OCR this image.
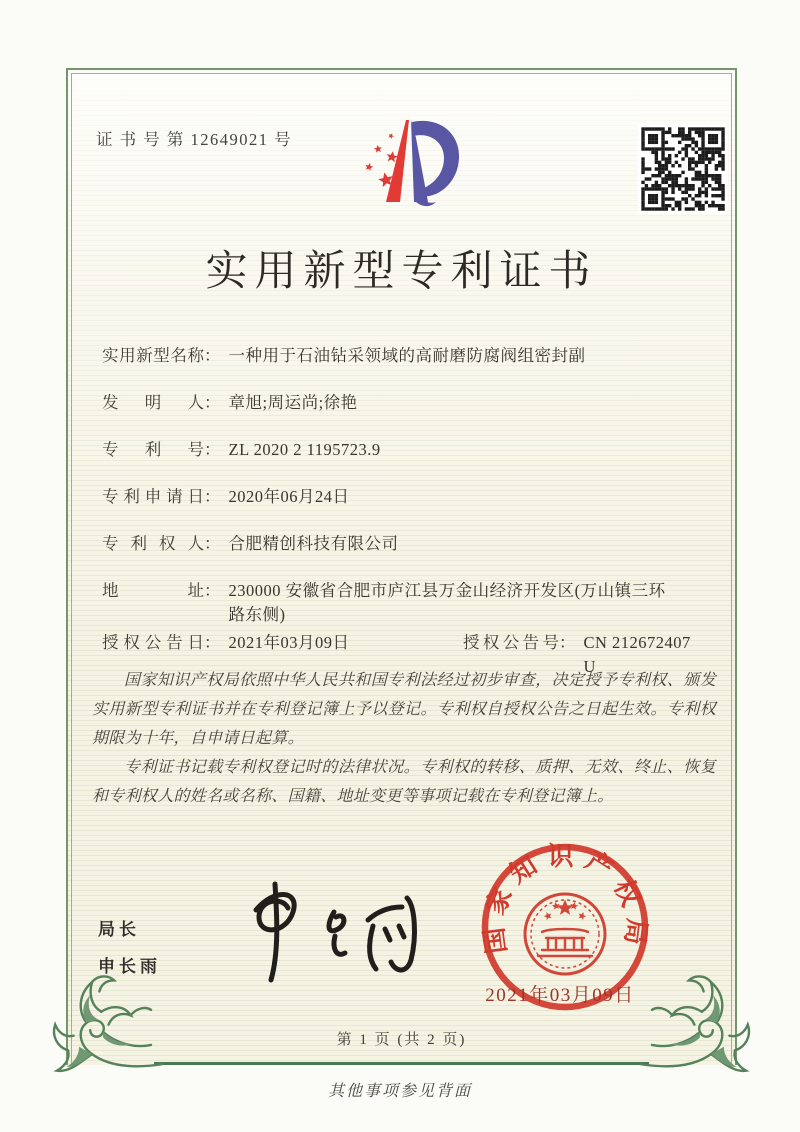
证 书 号 第 12649021 号
实用新型专利证书
实用新型名称 ： 一种用于石油钻采领域的高耐磨防腐阀组密封副
发明人 ： 章旭;周运尚;徐艳
专利号 ： ZL 2020 2 1195723.9
专利申请日 ： 2020年06月24日
专利权人 ： 合肥精创科技有限公司
地址 ： 230000 安徽省合肥市庐江县万金山经济开发区(万山镇三环路东侧)
授权公告日 ： 2021年03月09日	授权公告号 ： CN 212672407 U

国家知识产权局依照中华人民共和国专利法经过初步审查，决定授予专利权、颁发实用新型专利证书并在专利登记簿上予以登记。专利权自授权公告之日起生效。专利权期限为十年，自申请日起算。

专利证书记载专利权登记时的法律状况。专利权的转移、质押、无效、终止、恢复和专利权人的姓名或名称、国籍、地址变更等事项记载在专利登记簿上。

局长
申长雨
国家知识产权局
2021年03月09日
第 1 页 (共 2 页)
其他事项参见背面
